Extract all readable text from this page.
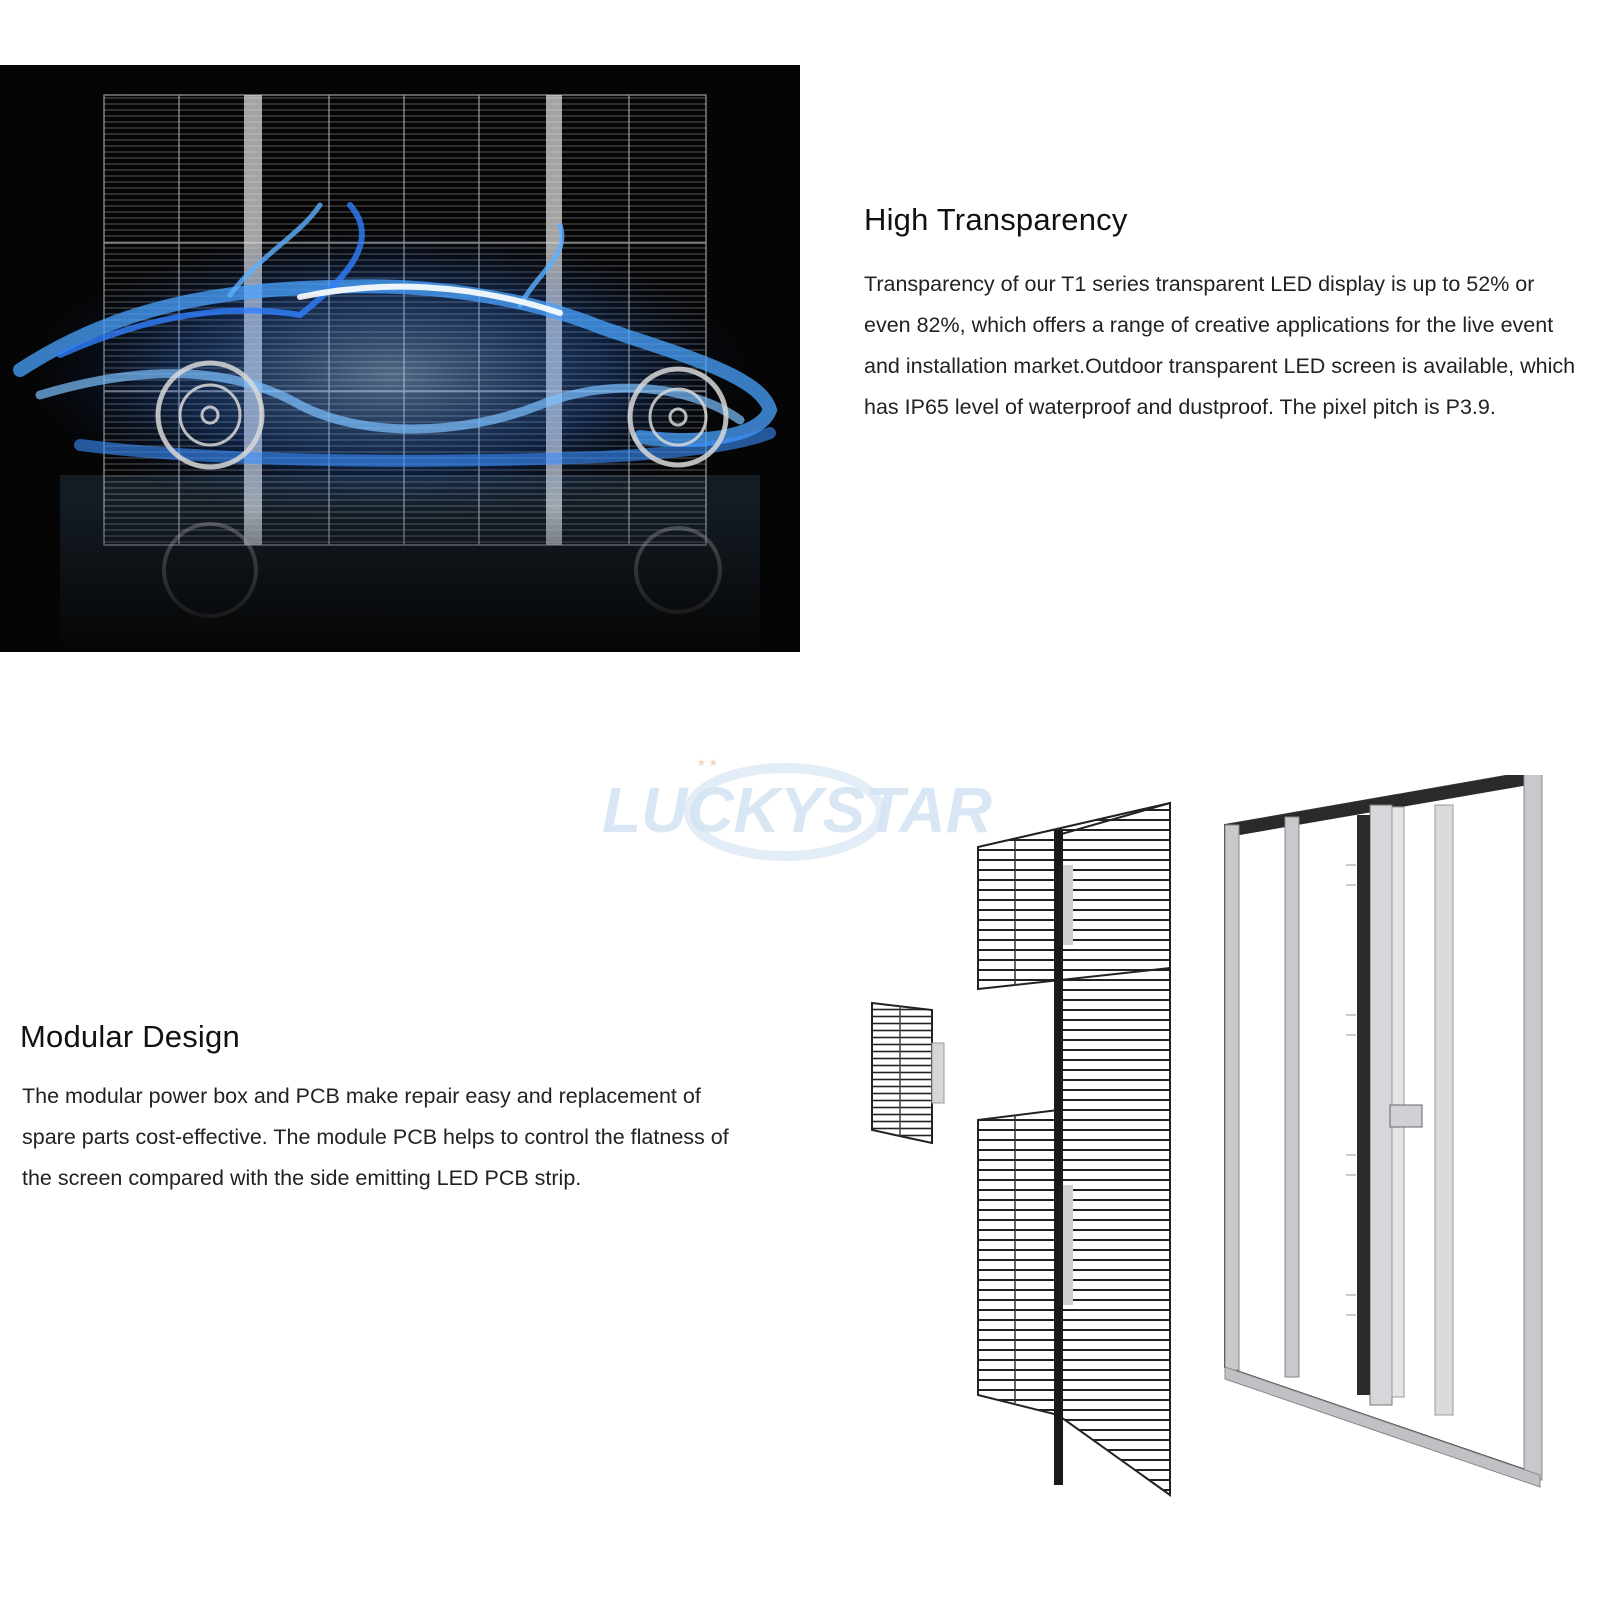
High Transparency

Transparency of our T1 series transparent LED display is up to 52% or even 82%, which offers a range of creative applications for the live event and installation market.Outdoor transparent LED screen is available, which has IP65 level of waterproof and dustproof. The pixel pitch is P3.9.

LUCKYSTAR
★ ★
Modular Design

The modular power box and PCB make repair easy and replacement of spare parts cost-effective. The module PCB helps to control the flatness of the screen compared with the side emitting LED PCB strip.
